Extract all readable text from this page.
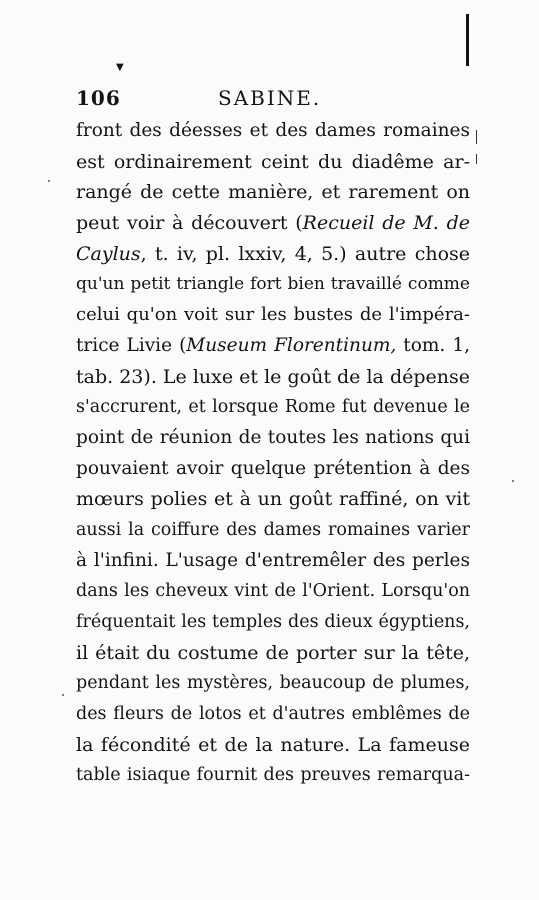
▼
106	SABINE.
front des déesses et des dames romaines
est ordinairement ceint du diadême ar-
rangé de cette manière, et rarement on
peut voir à découvert (Recueil de M. de
Caylus, t. iv, pl. lxxiv, 4, 5.) autre chose
qu'un petit triangle fort bien travaillé comme
celui qu'on voit sur les bustes de l'impéra-
trice Livie (Museum Florentinum, tom. 1,
tab. 23). Le luxe et le goût de la dépense
s'accrurent, et lorsque Rome fut devenue le
point de réunion de toutes les nations qui
pouvaient avoir quelque prétention à des
mœurs polies et à un goût raffiné, on vit
aussi la coiffure des dames romaines varier
à l'infini. L'usage d'entremêler des perles
dans les cheveux vint de l'Orient. Lorsqu'on
fréquentait les temples des dieux égyptiens,
il était du costume de porter sur la tête,
pendant les mystères, beaucoup de plumes,
des fleurs de lotos et d'autres emblêmes de
la fécondité et de la nature. La fameuse
table isiaque fournit des preuves remarqua-
